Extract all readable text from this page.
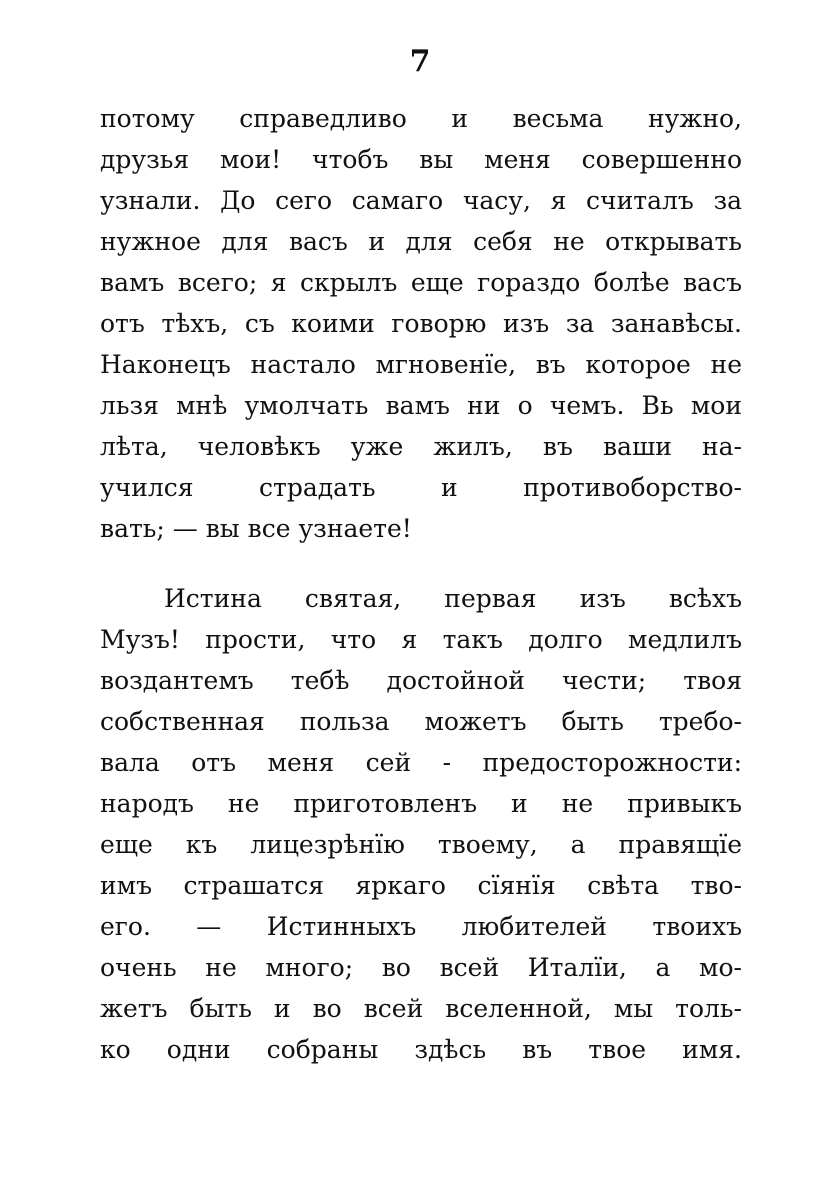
7
потому справедливо и весьма нужно,
друзья мои! чтобъ вы меня совершенно
узнали. До сего самаго часу, я считалъ за
нужное для васъ и для себя не открывать
вамъ всего; я скрылъ еще гораздо болѣе васъ
отъ тѣхъ, съ коими говорю изъ за занавѣсы.
Наконецъ настало мгновенїе, въ которое не
льзя мнѣ умолчать вамъ ни о чемъ. Вь мои
лѣта, человѣкъ уже жилъ, въ ваши на-
учился страдать и противоборство-
вать; — вы все узнаете!
Истина святая, первая изъ всѣхъ
Музъ! прости, что я такъ долго медлилъ
воздантемъ тебѣ достойной чести; твоя
собственная польза можетъ быть требо-
вала отъ меня сей - предосторожности:
народъ не приготовленъ и не привыкъ
еще къ лицезрѣнїю твоему, а правящїе
имъ страшатся яркаго сїянїя свѣта тво-
его. — Истинныхъ любителей твоихъ
очень не много; во всей Италїи, а мо-
жетъ быть и во всей вселенной, мы толь-
ко одни собраны здѣсь въ твое имя.
